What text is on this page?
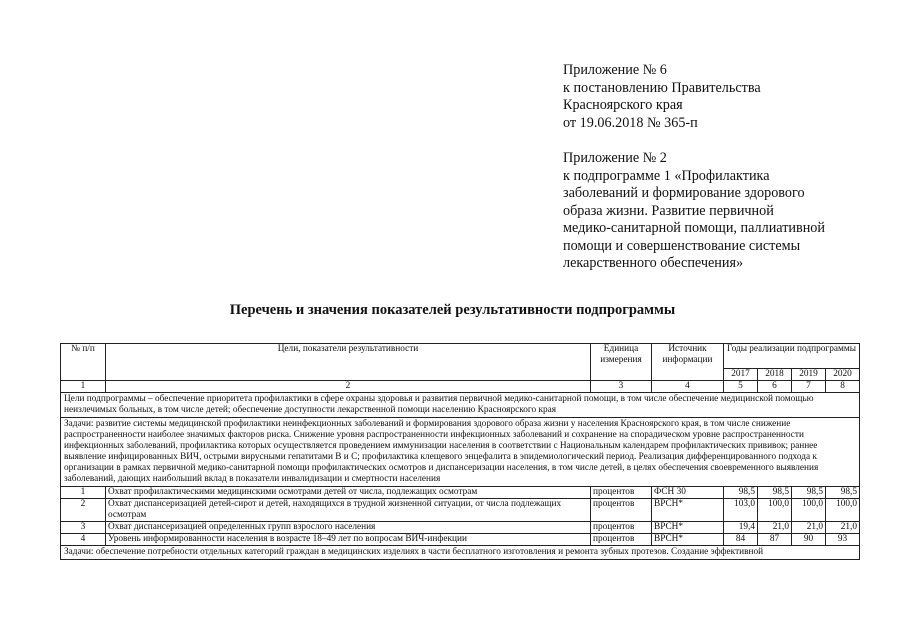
Приложение № 6
к постановлению Правительства
Красноярского края
от 19.06.2018 № 365-п
Приложение № 2
к подпрограмме 1 «Профилактика
заболеваний и формирование здорового
образа жизни. Развитие первичной
медико-санитарной помощи, паллиативной
помощи и совершенствование системы
лекарственного обеспечения»
Перечень и значения показателей результативности подпрограммы
№ п/п	Цели, показатели результативности	Единица измерения	Источник информации	Годы реализации подпрограммы			
				2017	2018	2019	2020
1	2	3	4	5	6	7	8
Цели подпрограммы – обеспечение приоритета профилактики в сфере охраны здоровья и развития первичной медико-санитарной помощи, в том числе обеспечение медицинской помощью неизлечимых больных, в том числе детей; обеспечение доступности лекарственной помощи населению Красноярского края							
Задачи: развитие системы медицинской профилактики неинфекционных заболеваний и формирования здорового образа жизни у населения Красноярского края, в том числе снижение распространенности наиболее значимых факторов риска. Снижение уровня распространенности инфекционных заболеваний и сохранение на спорадическом уровне распространенности инфекционных заболеваний, профилактика которых осуществляется проведением иммунизации населения в соответствии с Национальным календарем профилактических прививок; раннее выявление инфицированных ВИЧ, острыми вирусными гепатитами В и С; профилактика клещевого энцефалита в эпидемиологический период. Реализация дифференцированного подхода к организации в рамках первичной медико-санитарной помощи профилактических осмотров и диспансеризации населения, в том числе детей, в целях обеспечения своевременного выявления заболеваний, дающих наибольший вклад в показатели инвалидизации и смертности населения							
1	Охват профилактическими медицинскими осмотрами детей от числа, подлежащих осмотрам	процентов	ФСН 30	98,5	98,5	98,5	98,5
2	Охват диспансеризацией детей-сирот и детей, находящихся в трудной жизненной ситуации, от числа подлежащих осмотрам	процентов	ВРСН*	103,0	100,0	100,0	100,0
3	Охват диспансеризацией определенных групп взрослого населения	процентов	ВРСН*	19,4	21,0	21,0	21,0
4	Уровень информированности населения в возрасте 18–49 лет по вопросам ВИЧ-инфекции	процентов	ВРСН*	84	87	90	93
Задачи: обеспечение потребности отдельных категорий граждан в медицинских изделиях в части бесплатного изготовления и ремонта зубных протезов. Создание эффективной							
